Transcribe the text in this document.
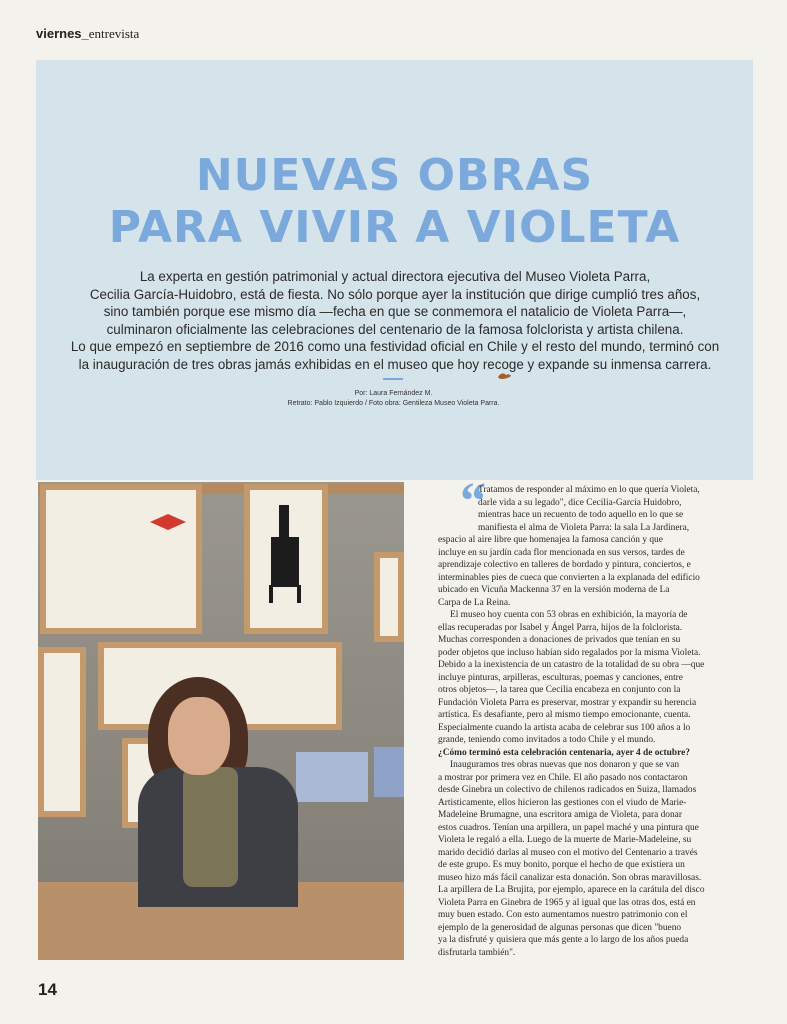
viernes_entrevista
NUEVAS OBRAS
PARA VIVIR A VIOLETA
La experta en gestión patrimonial y actual directora ejecutiva del Museo Violeta Parra,
Cecilia García-Huidobro, está de fiesta. No sólo porque ayer la institución que dirige cumplió tres años,
sino también porque ese mismo día —fecha en que se conmemora el natalicio de Violeta Parra—,
culminaron oficialmente las celebraciones del centenario de la famosa folclorista y artista chilena.
Lo que empezó en septiembre de 2016 como una festividad oficial en Chile y el resto del mundo, terminó con
la inauguración de tres obras jamás exhibidas en el museo que hoy recoge y expande su inmensa carrera.
Por: Laura Fernández M.
Retrato: Pablo Izquierdo / Foto obra: Gentileza Museo Violeta Parra.
“
Tratamos de responder al máximo en lo que quería Violeta,
darle vida a su legado", dice Cecilia-García Huidobro,
mientras hace un recuento de todo aquello en lo que se
manifiesta el alma de Violeta Parra: la sala La Jardinera,
espacio al aire libre que homenajea la famosa canción y que
incluye en su jardín cada flor mencionada en sus versos, tardes de
aprendizaje colectivo en talleres de bordado y pintura, conciertos, e
interminables pies de cueca que convierten a la explanada del edificio
ubicado en Vicuña Mackenna 37 en la versión moderna de La
Carpa de La Reina.
El museo hoy cuenta con 53 obras en exhibición, la mayoría de
ellas recuperadas por Isabel y Ángel Parra, hijos de la folclorista.
Muchas corresponden a donaciones de privados que tenían en su
poder objetos que incluso habían sido regalados por la misma Violeta.
Debido a la inexistencia de un catastro de la totalidad de su obra —que
incluye pinturas, arpilleras, esculturas, poemas y canciones, entre
otros objetos—, la tarea que Cecilia encabeza en conjunto con la
Fundación Violeta Parra es preservar, mostrar y expandir su herencia
artística. Es desafiante, pero al mismo tiempo emocionante, cuenta.
Especialmente cuando la artista acaba de celebrar sus 100 años a lo
grande, teniendo como invitados a todo Chile y el mundo.
¿Cómo terminó esta celebración centenaria, ayer 4 de octubre?
Inauguramos tres obras nuevas que nos donaron y que se van
a mostrar por primera vez en Chile. El año pasado nos contactaron
desde Ginebra un colectivo de chilenos radicados en Suiza, llamados
Artisticamente, ellos hicieron las gestiones con el viudo de Marie-
Madeleine Brumagne, una escritora amiga de Violeta, para donar
estos cuadros. Tenían una arpillera, un papel maché y una pintura que
Violeta le regaló a ella. Luego de la muerte de Marie-Madeleine, su
marido decidió darlas al museo con el motivo del Centenario a través
de este grupo. Es muy bonito, porque el hecho de que existiera un
museo hizo más fácil canalizar esta donación. Son obras maravillosas.
La arpillera de La Brujita, por ejemplo, aparece en la carátula del disco
Violeta Parra en Ginebra de 1965 y al igual que las otras dos, está en
muy buen estado. Con esto aumentamos nuestro patrimonio con el
ejemplo de la generosidad de algunas personas que dicen "bueno
ya la disfruté y quisiera que más gente a lo largo de los años pueda
disfrutarla también".
14
